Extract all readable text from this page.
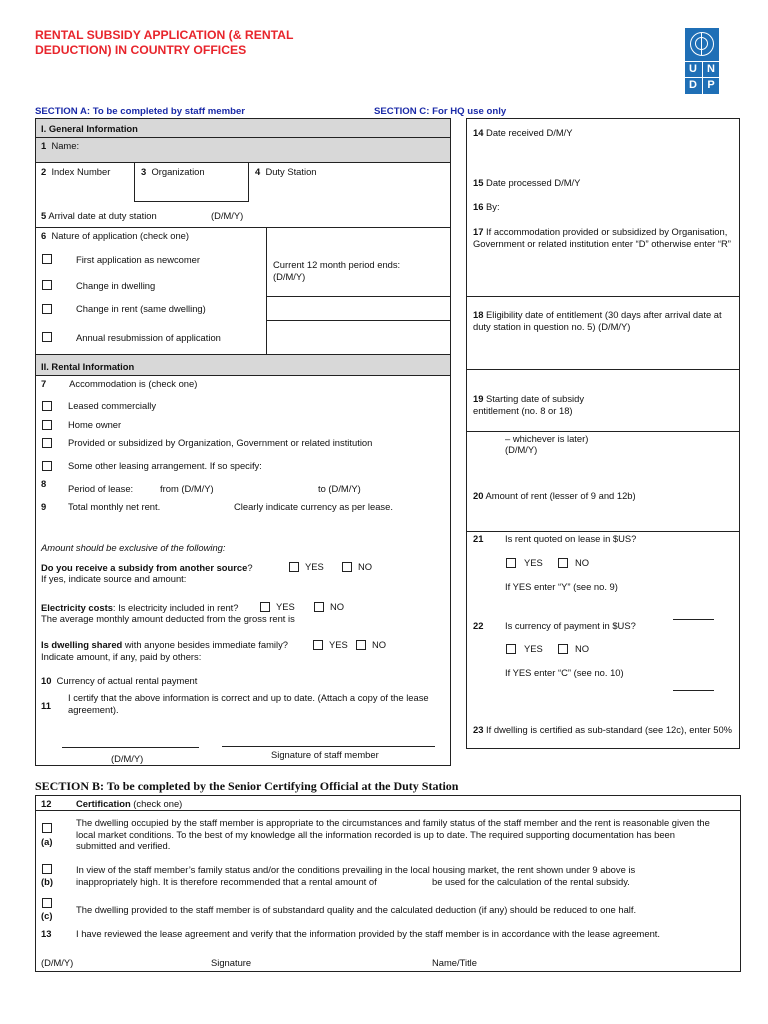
RENTAL SUBSIDY APPLICATION (& RENTAL
DEDUCTION) IN COUNTRY OFFICES
U N
D P
SECTION A: To be completed by staff member	SECTION C: For HQ use only
I. General Information
1 Name:
2 Index Number	3 Organization	4 Duty Station
5 Arrival date at duty station	(D/M/Y)
6 Nature of application (check one)
Current 12 month period ends:
(D/M/Y)
First application as newcomer
Change in dwelling
Change in rent (same dwelling)
Annual resubmission of application
II. Rental Information
7 Accommodation is (check one)
Leased commercially
Home owner
Provided or subsidized by Organization, Government or related institution
Some other leasing arrangement. If so specify:
8 Period of lease:	from (D/M/Y)	to (D/M/Y)
9 Total monthly net rent.	Clearly indicate currency as per lease.
Amount should be exclusive of the following:
Do you receive a subsidy from another source?	YES	NO
If yes, indicate source and amount:
Electricity costs: Is electricity included in rent?	YES	NO
The average monthly amount deducted from the gross rent is
Is dwelling shared with anyone besides immediate family?	YES	NO
Indicate amount, if any, paid by others:
10 Currency of actual rental payment
11
I certify that the above information is correct and up to date. (Attach a copy of the lease agreement).
(D/M/Y)	Signature of staff member
14 Date received D/M/Y
15 Date processed D/M/Y
16 By:
17 If accommodation provided or subsidized by Organisation, Government or related institution enter “D” otherwise enter “R”
18 Eligibility date of entitlement (30 days after arrival date at duty station in question no. 5) (D/M/Y)
19 Starting date of subsidy entitlement (no. 8 or 18)
– whichever is later)
(D/M/Y)
20 Amount of rent (lesser of 9 and 12b)
21 Is rent quoted on lease in $US?
YES	NO
If YES enter “Y” (see no. 9)
22 Is currency of payment in $US?
YES	NO
If YES enter “C” (see no. 10)
23 If dwelling is certified as sub-standard (see 12c), enter 50%
SECTION B: To be completed by the Senior Certifying Official at the Duty Station
12	Certification (check one)
(a)
The dwelling occupied by the staff member is appropriate to the circumstances and family status of the staff member and the rent is reasonable given the local market conditions. To the best of my knowledge all the information recorded is up to date. The required supporting documentation has been submitted and verified.
(b)
In view of the staff member’s family status and/or the conditions prevailing in the local housing market, the rent shown under 9 above is
inappropriately high. It is therefore recommended that a rental amount of	be used for the calculation of the rental subsidy.
(c)
The dwelling provided to the staff member is of substandard quality and the calculated deduction (if any) should be reduced to one half.
13	I have reviewed the lease agreement and verify that the information provided by the staff member is in accordance with the lease agreement.
(D/M/Y)	Signature	Name/Title
